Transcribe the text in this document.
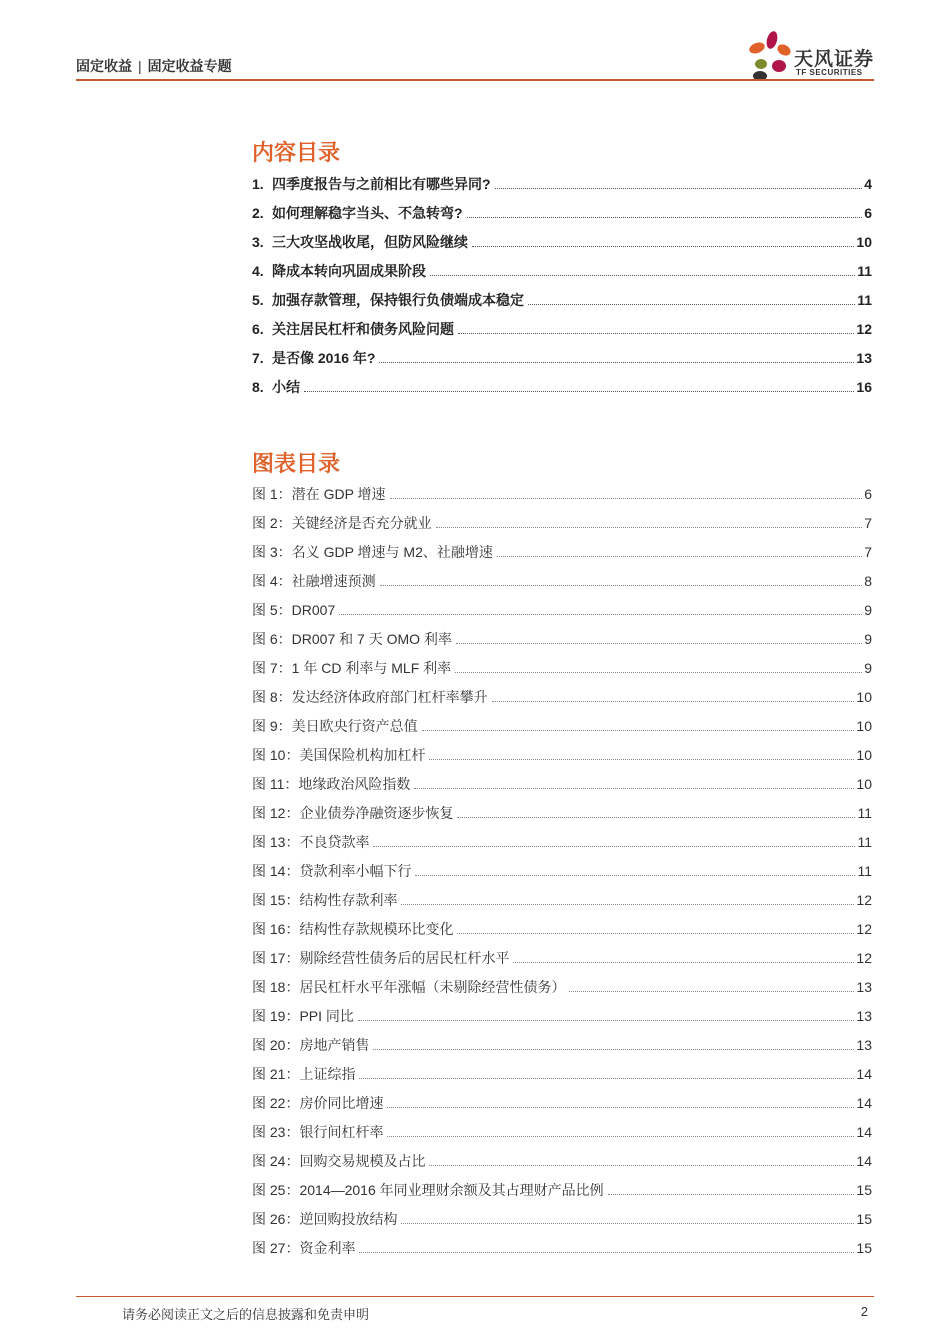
固定收益 | 固定收益专题	天风证券
TF SECURITIES
内容目录
1. 四季度报告与之前相比有哪些异同?	4
2. 如何理解稳字当头、不急转弯?	6
3. 三大攻坚战收尾，但防风险继续	10
4. 降成本转向巩固成果阶段	11
5. 加强存款管理，保持银行负债端成本稳定	11
6. 关注居民杠杆和债务风险问题	12
7. 是否像 2016 年?	13
8. 小结	16
图表目录
图 1：潜在 GDP 增速	6
图 2：关键经济是否充分就业	7
图 3：名义 GDP 增速与 M2、社融增速	7
图 4：社融增速预测	8
图 5：DR007	9
图 6：DR007 和 7 天 OMO 利率	9
图 7：1 年 CD 利率与 MLF 利率	9
图 8：发达经济体政府部门杠杆率攀升	10
图 9：美日欧央行资产总值	10
图 10：美国保险机构加杠杆	10
图 11：地缘政治风险指数	10
图 12：企业债券净融资逐步恢复	11
图 13：不良贷款率	11
图 14：贷款利率小幅下行	11
图 15：结构性存款利率	12
图 16：结构性存款规模环比变化	12
图 17：剔除经营性债务后的居民杠杆水平	12
图 18：居民杠杆水平年涨幅（未剔除经营性债务）	13
图 19：PPI 同比	13
图 20：房地产销售	13
图 21：上证综指	14
图 22：房价同比增速	14
图 23：银行间杠杆率	14
图 24：回购交易规模及占比	14
图 25：2014—2016 年同业理财余额及其占理财产品比例	15
图 26：逆回购投放结构	15
图 27：资金利率	15
请务必阅读正文之后的信息披露和免责申明	2
